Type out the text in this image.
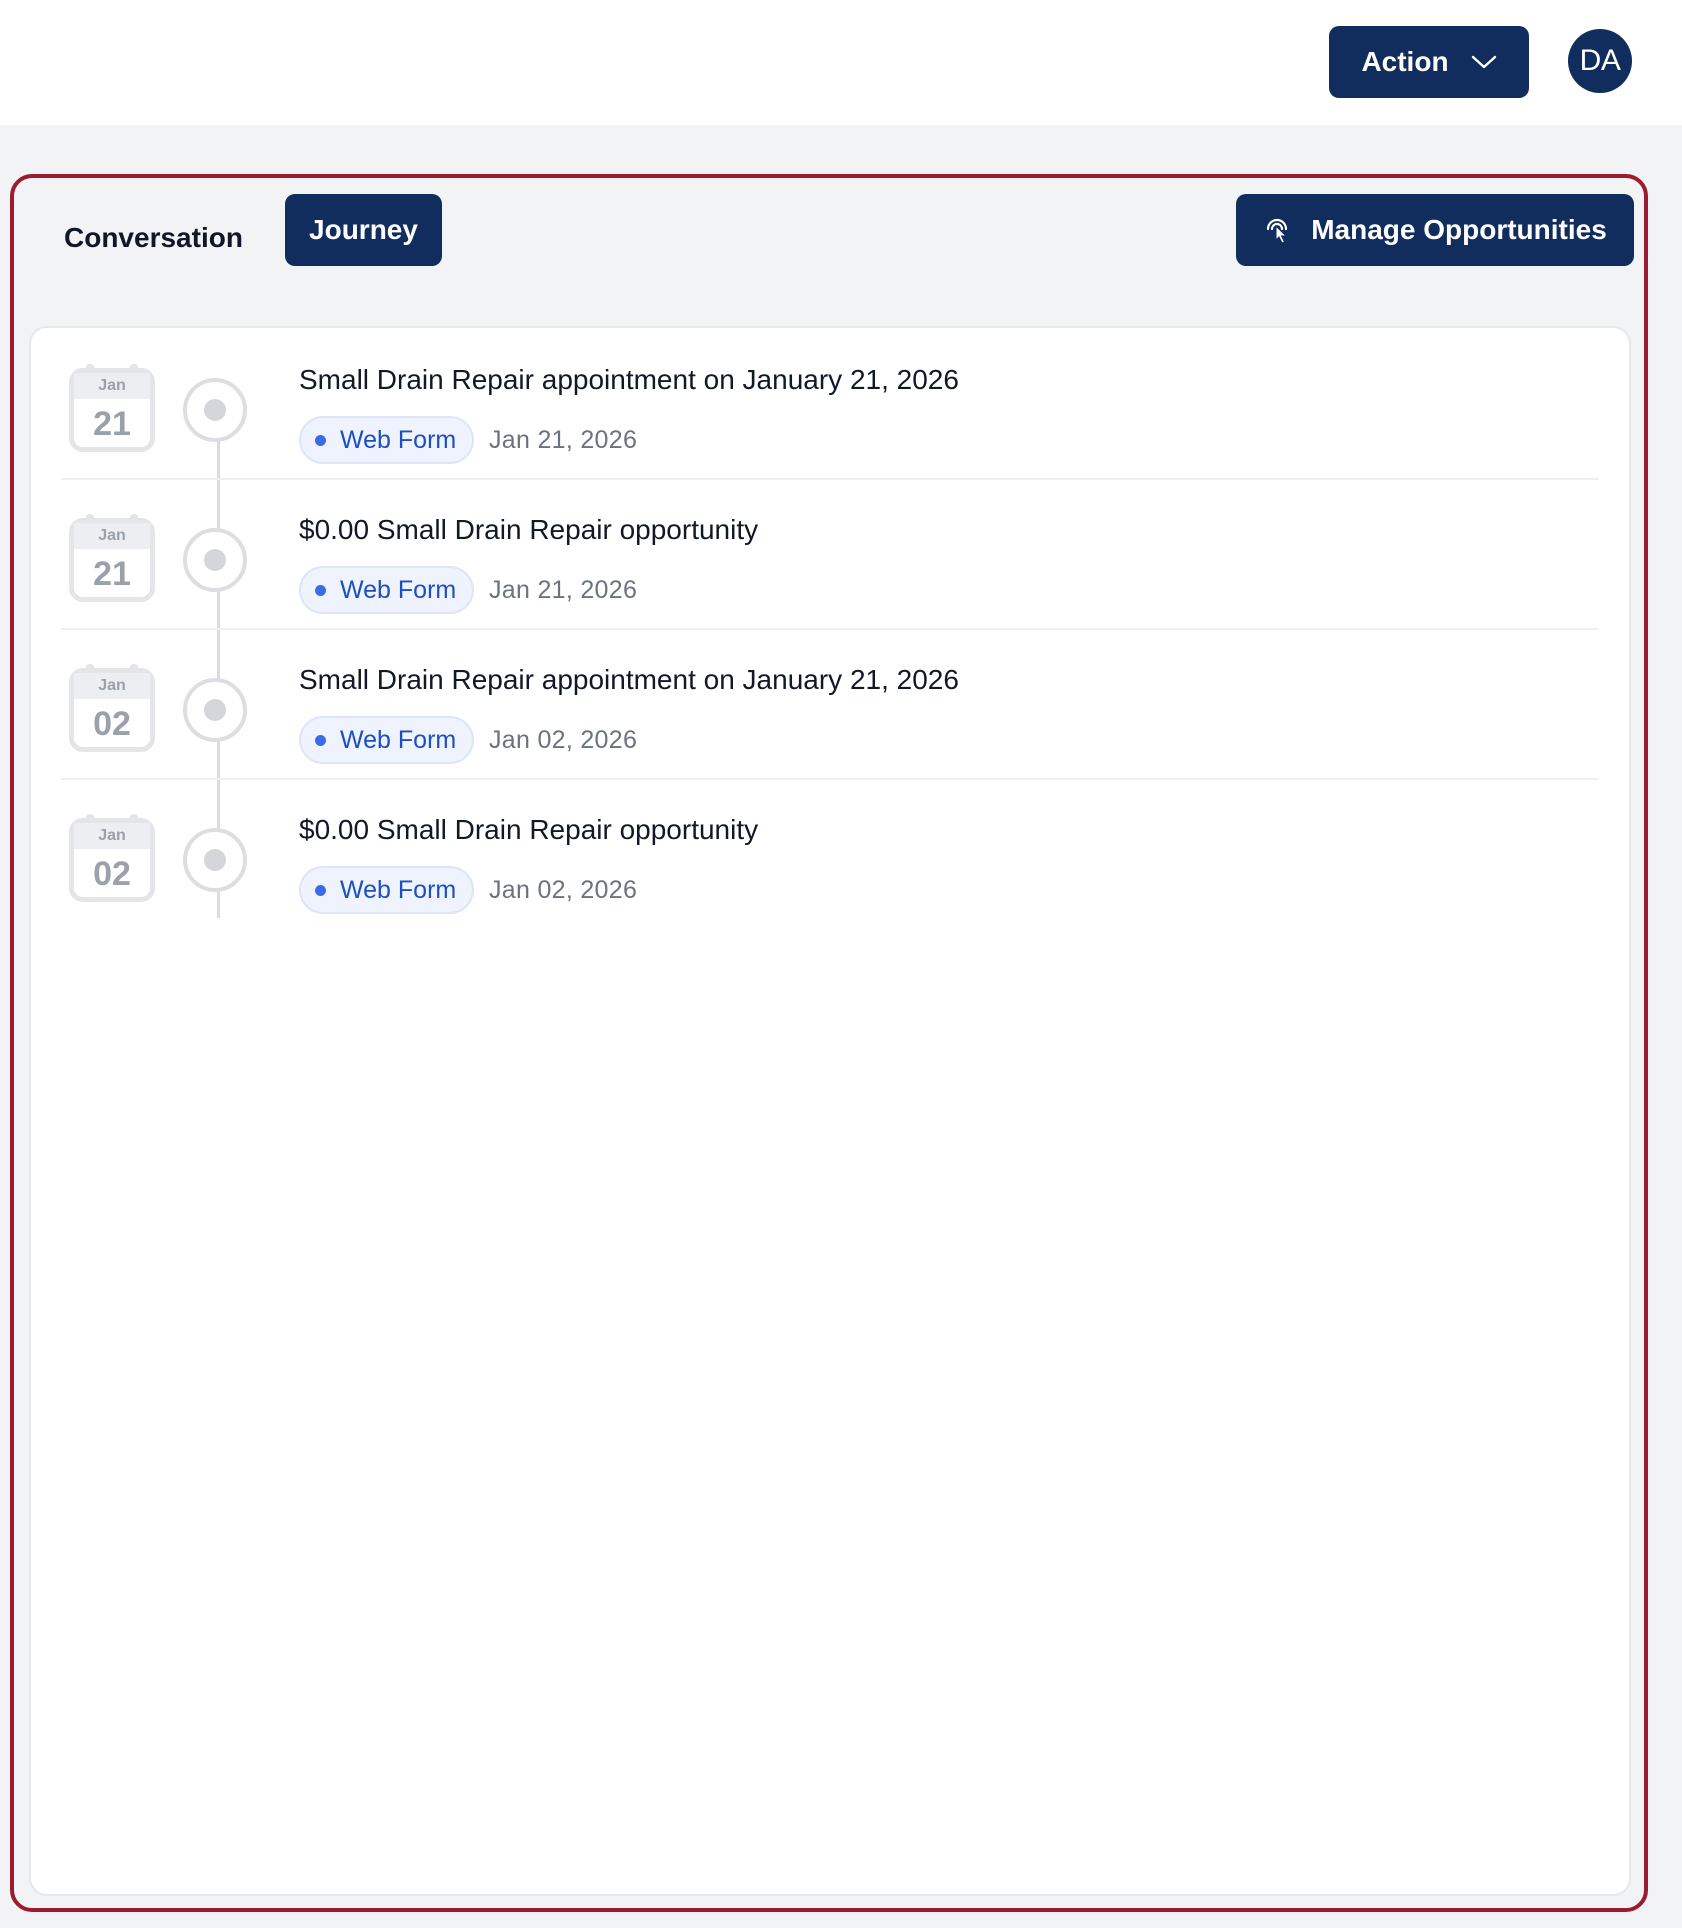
Action	DA
Conversation	Journey	Manage Opportunities
Jan
21
Small Drain Repair appointment on January 21, 2026
Web Form Jan 21, 2026
Jan
21
$0.00 Small Drain Repair opportunity
Web Form Jan 21, 2026
Jan
02
Small Drain Repair appointment on January 21, 2026
Web Form Jan 02, 2026
Jan
02
$0.00 Small Drain Repair opportunity
Web Form Jan 02, 2026
